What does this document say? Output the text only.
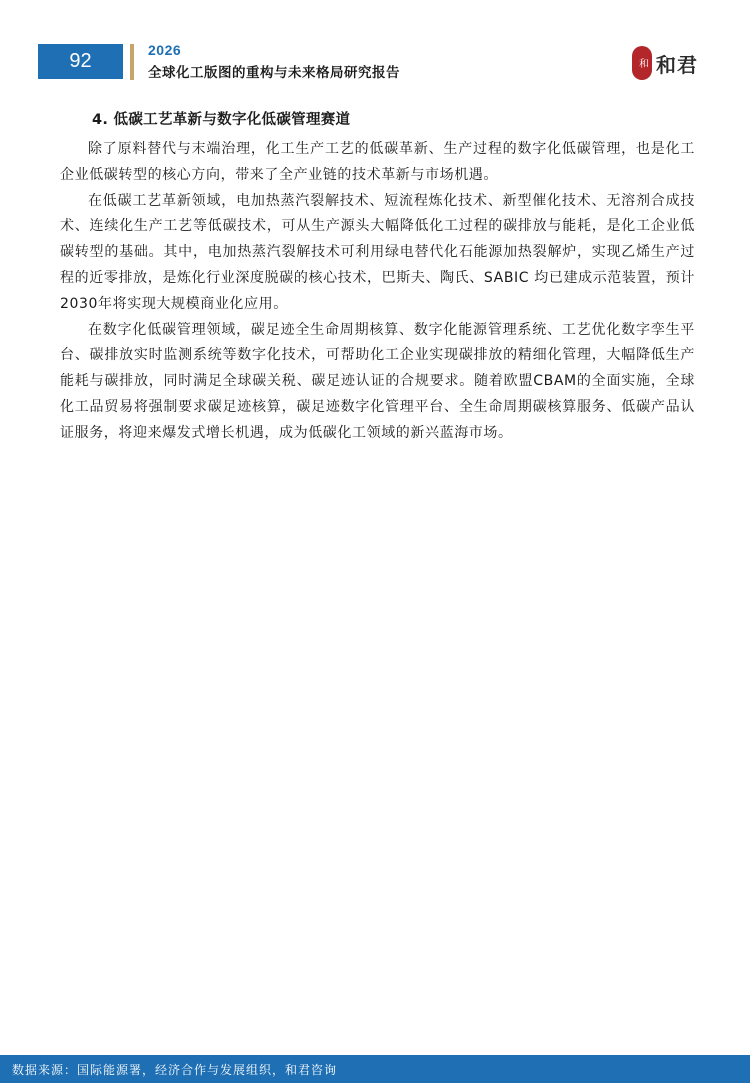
92	2026
全球化工版图的重构与未来格局研究报告
和 和君
4. 低碳工艺革新与数字化低碳管理赛道

除了原料替代与末端治理，化工生产工艺的低碳革新、生产过程的数字化低碳管理，也是化工企业低碳转型的核心方向，带来了全产业链的技术革新与市场机遇。

在低碳工艺革新领域，电加热蒸汽裂解技术、短流程炼化技术、新型催化技术、无溶剂合成技术、连续化生产工艺等低碳技术，可从生产源头大幅降低化工过程的碳排放与能耗，是化工企业低碳转型的基础。其中，电加热蒸汽裂解技术可利用绿电替代化石能源加热裂解炉，实现乙烯生产过程的近零排放，是炼化行业深度脱碳的核心技术，巴斯夫、陶氏、SABIC 均已建成示范装置，预计2030年将实现大规模商业化应用。

在数字化低碳管理领域，碳足迹全生命周期核算、数字化能源管理系统、工艺优化数字孪生平台、碳排放实时监测系统等数字化技术，可帮助化工企业实现碳排放的精细化管理，大幅降低生产能耗与碳排放，同时满足全球碳关税、碳足迹认证的合规要求。随着欧盟CBAM的全面实施，全球化工品贸易将强制要求碳足迹核算，碳足迹数字化管理平台、全生命周期碳核算服务、低碳产品认证服务，将迎来爆发式增长机遇，成为低碳化工领域的新兴蓝海市场。

数据来源：国际能源署，经济合作与发展组织，和君咨询
